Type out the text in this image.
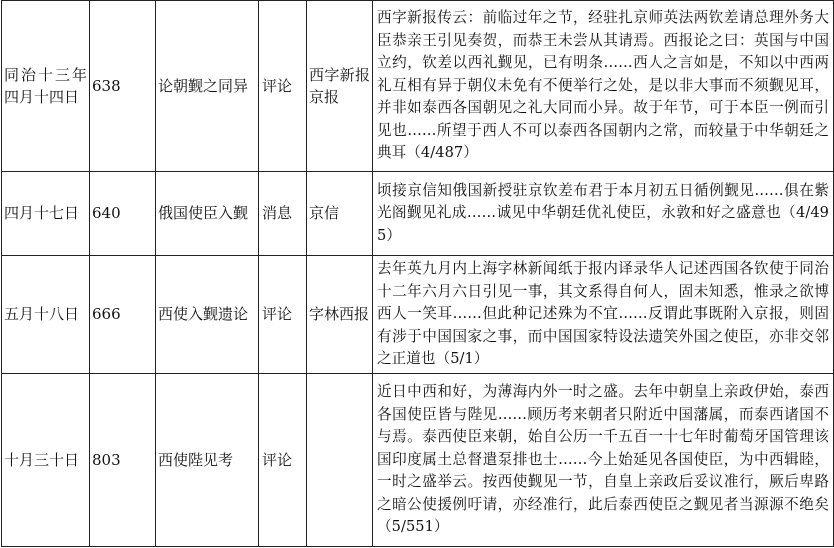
同治十三年四月十四日	638	论朝觐之同异	评论	西字新报京报	西字新报传云：前临过年之节，经驻扎京师英法两钦差请总理外务大臣恭亲王引见奏贺，而恭王未尝从其请焉。西报论之曰：英国与中国立约，钦差以西礼觐见，已有明条……西人之言如是，不知以中西两礼互相有异于朝仪未免有不便举行之处，是以非大事而不须觐见耳，并非如泰西各国朝见之礼大同而小异。故于年节，可于本臣一例而引见也……所望于西人不可以泰西各国朝内之常，而较量于中华朝廷之典耳（4/487）
四月十七日	640	俄国使臣入觐	消息	京信	顷接京信知俄国新授驻京钦差布君于本月初五日循例觐见……俱在紫光阁觐见礼成……诚见中华朝廷优礼使臣，永敦和好之盛意也（4/495）
五月十八日	666	西使入觐遗论	评论	字林西报	去年英九月内上海字林新闻纸于报内译录华人记述西国各钦使于同治十二年六月六日引见一事，其文系得自何人，固未知悉，惟录之欲博西人一笑耳……但此种记述殊为不宜……反谓此事既附入京报，则固有涉于中国国家之事，而中国国家特设法遗笑外国之使臣，亦非交邻之正道也（5/1）
十月三十日	803	西使陛见考	评论		近日中西和好，为薄海内外一时之盛。去年中朝皇上亲政伊始，泰西各国使臣皆与陛见……顾历考来朝者只附近中国藩属，而泰西诸国不与焉。泰西使臣来朝，始自公历一千五百一十七年时葡萄牙国管理该国印度属土总督遣泵排也士……今上始延见各国使臣，为中西辑睦，一时之盛举云。按西使觐见一节，自皇上亲政后妥议准行，厥后卑路之暗公使援例吁请，亦经准行，此后泰西使臣之觐见者当源源不绝矣（5/551）
